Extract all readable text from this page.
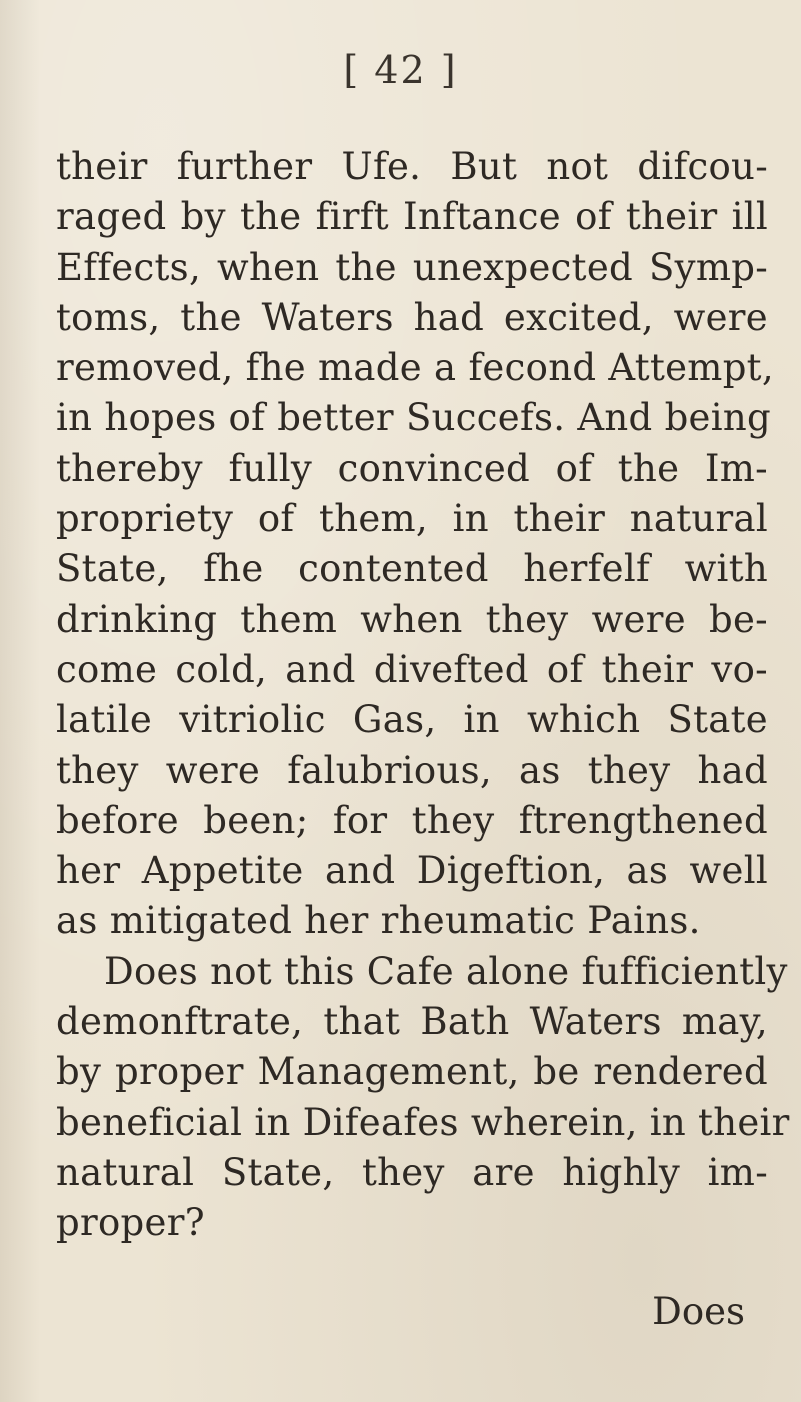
[ 42 ]
their further Ufe. But not difcou-
raged by the firft Inftance of their ill
Effects, when the unexpected Symp-
toms, the Waters had excited, were
removed, fhe made a fecond Attempt,
in hopes of better Succefs. And being
thereby fully convinced of the Im-
propriety of them, in their natural
State, fhe contented herfelf with
drinking them when they were be-
come cold, and divefted of their vo-
latile vitriolic Gas, in which State
they were falubrious, as they had
before been; for they ftrengthened
her Appetite and Digeftion, as well
as mitigated her rheumatic Pains.
Does not this Cafe alone fufficiently
demonftrate, that Bath Waters may,
by proper Management, be rendered
beneficial in Difeafes wherein, in their
natural State, they are highly im-
proper?
Does
